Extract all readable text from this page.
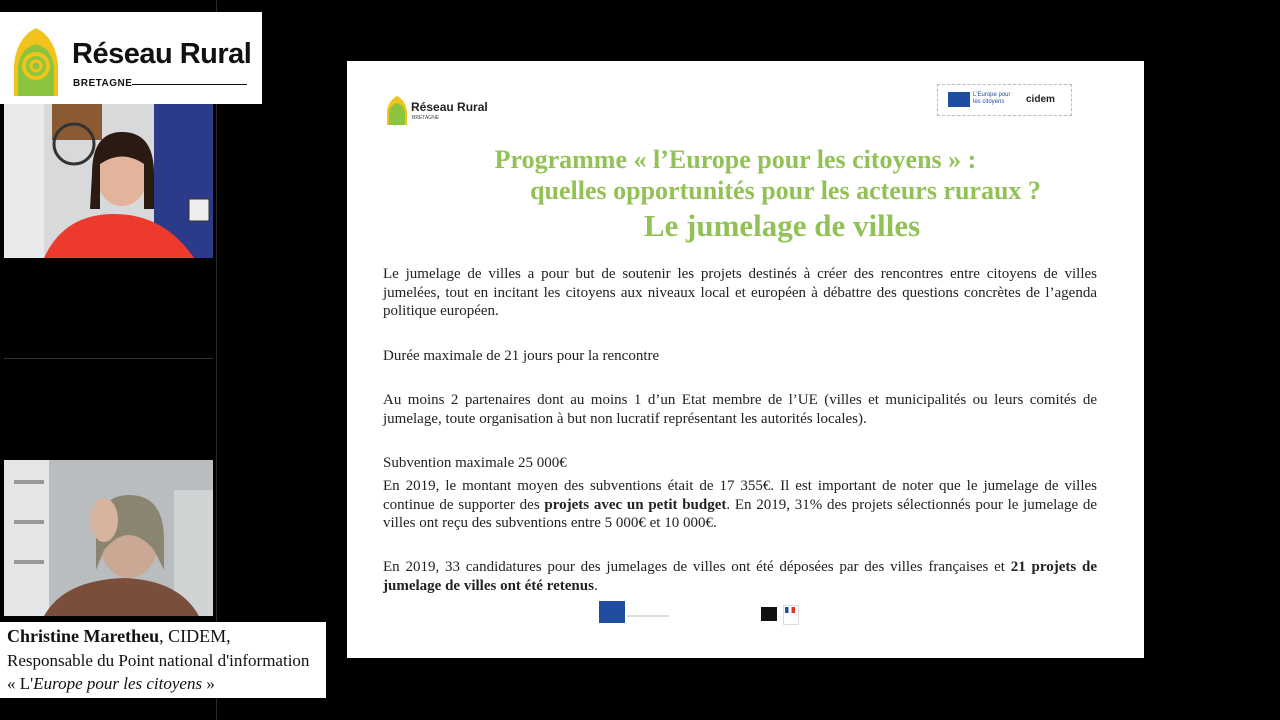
Réseau Rural
BRETAGNE
Christine Maretheu, CIDEM,
Responsable du Point national d'information
« L'Europe pour les citoyens »
Réseau Rural
BRETAGNE
L'Europe pour les citoyens	cidem
Programme « l’Europe pour les citoyens » :
quelles opportunités pour les acteurs ruraux ?
Le jumelage de villes
Le jumelage de villes a pour but de soutenir les projets destinés à créer des rencontres entre citoyens de villes jumelées, tout en incitant les citoyens aux niveaux local et européen à débattre des questions concrètes de l’agenda politique européen.
Durée maximale de 21 jours pour la rencontre
Au moins 2 partenaires dont au moins 1 d’un Etat membre de l’UE (villes et municipalités ou leurs comités de jumelage, toute organisation à but non lucratif représentant les autorités locales).
Subvention maximale 25 000€
En 2019, le montant moyen des subventions était de 17 355€. Il est important de noter que le jumelage de villes continue de supporter des projets avec un petit budget. En 2019, 31% des projets sélectionnés pour le jumelage de villes ont reçu des subventions entre 5 000€ et 10 000€.
En 2019, 33 candidatures pour des jumelages de villes ont été déposées par des villes françaises et 21 projets de jumelage de villes ont été retenus.
